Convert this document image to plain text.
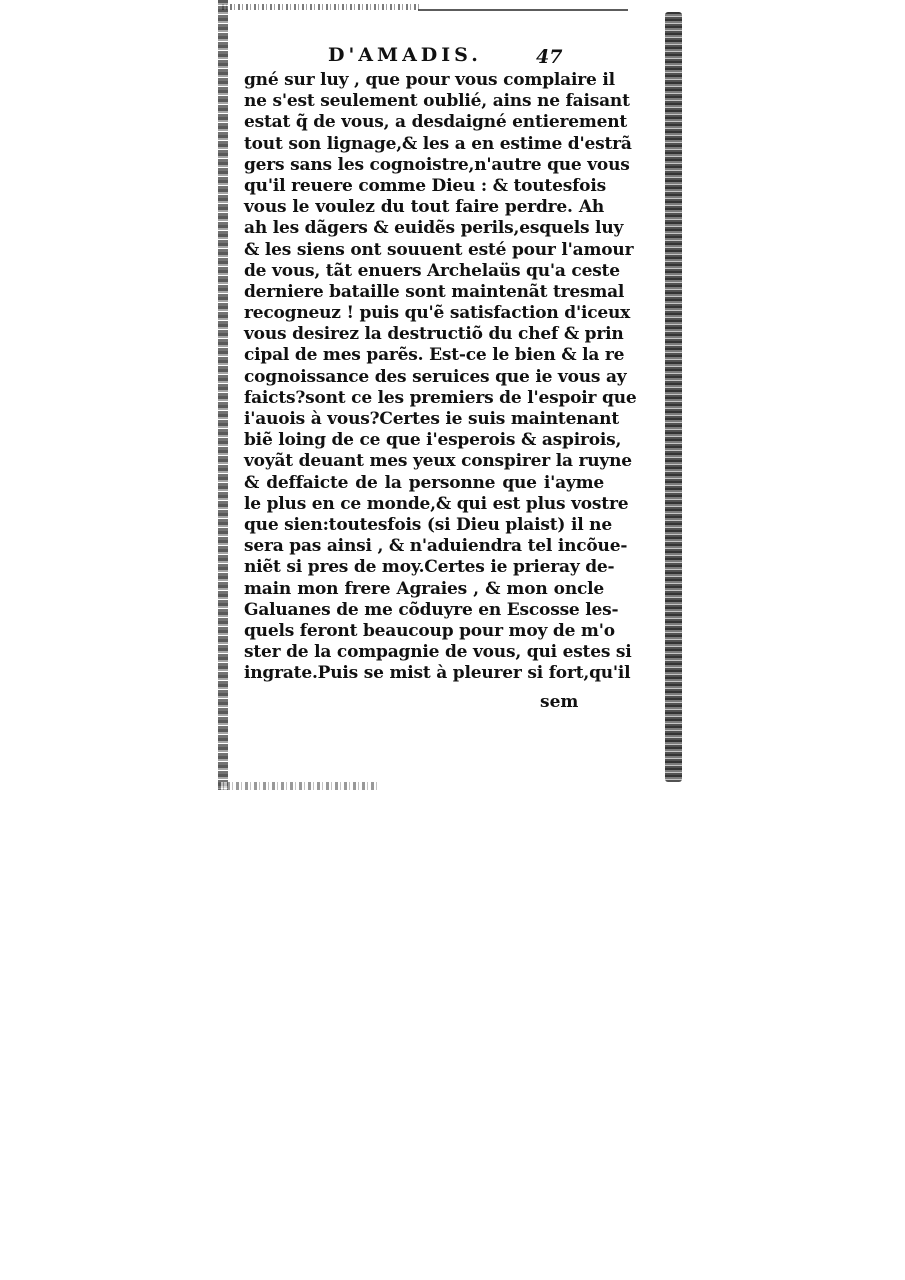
D'AMADIS.	47
gné sur luy , que pour vous complaire il
ne s'est seulement oublié, ains ne faisant
estat q̃ de vous, a desdaigné entierement
tout son lignage,& les a en estime d'estrã
gers sans les cognoistre,n'autre que vous
qu'il reuere comme Dieu : & toutesfois
vous le voulez du tout faire perdre. Ah
ah les dãgers & euidẽs perils,esquels luy
& les siens ont souuent esté pour l'amour
de vous, tãt enuers Archelaüs qu'a ceste
derniere bataille sont maintenãt tresmal
recogneuz ! puis qu'ẽ satisfaction d'iceux
vous desirez la destructiõ du chef & prin
cipal de mes parẽs. Est-ce le bien & la re
cognoissance des seruices que ie vous ay
faicts?sont ce les premiers de l'espoir que
i'auois à vous?Certes ie suis maintenant
biẽ loing de ce que i'esperois & aspirois,
voyãt deuant mes yeux conspirer la ruyne
& deffaicte de la personne que i'ayme
le plus en ce monde,& qui est plus vostre
que sien:toutesfois (si Dieu plaist) il ne
sera pas ainsi , & n'aduiendra tel incõue-
niẽt si pres de moy.Certes ie prieray de-
main mon frere Agraies , & mon oncle
Galuanes de me cõduyre en Escosse les-
quels feront beaucoup pour moy de m'o
ster de la compagnie de vous, qui estes si
ingrate.Puis se mist à pleurer si fort,qu'il
sem
